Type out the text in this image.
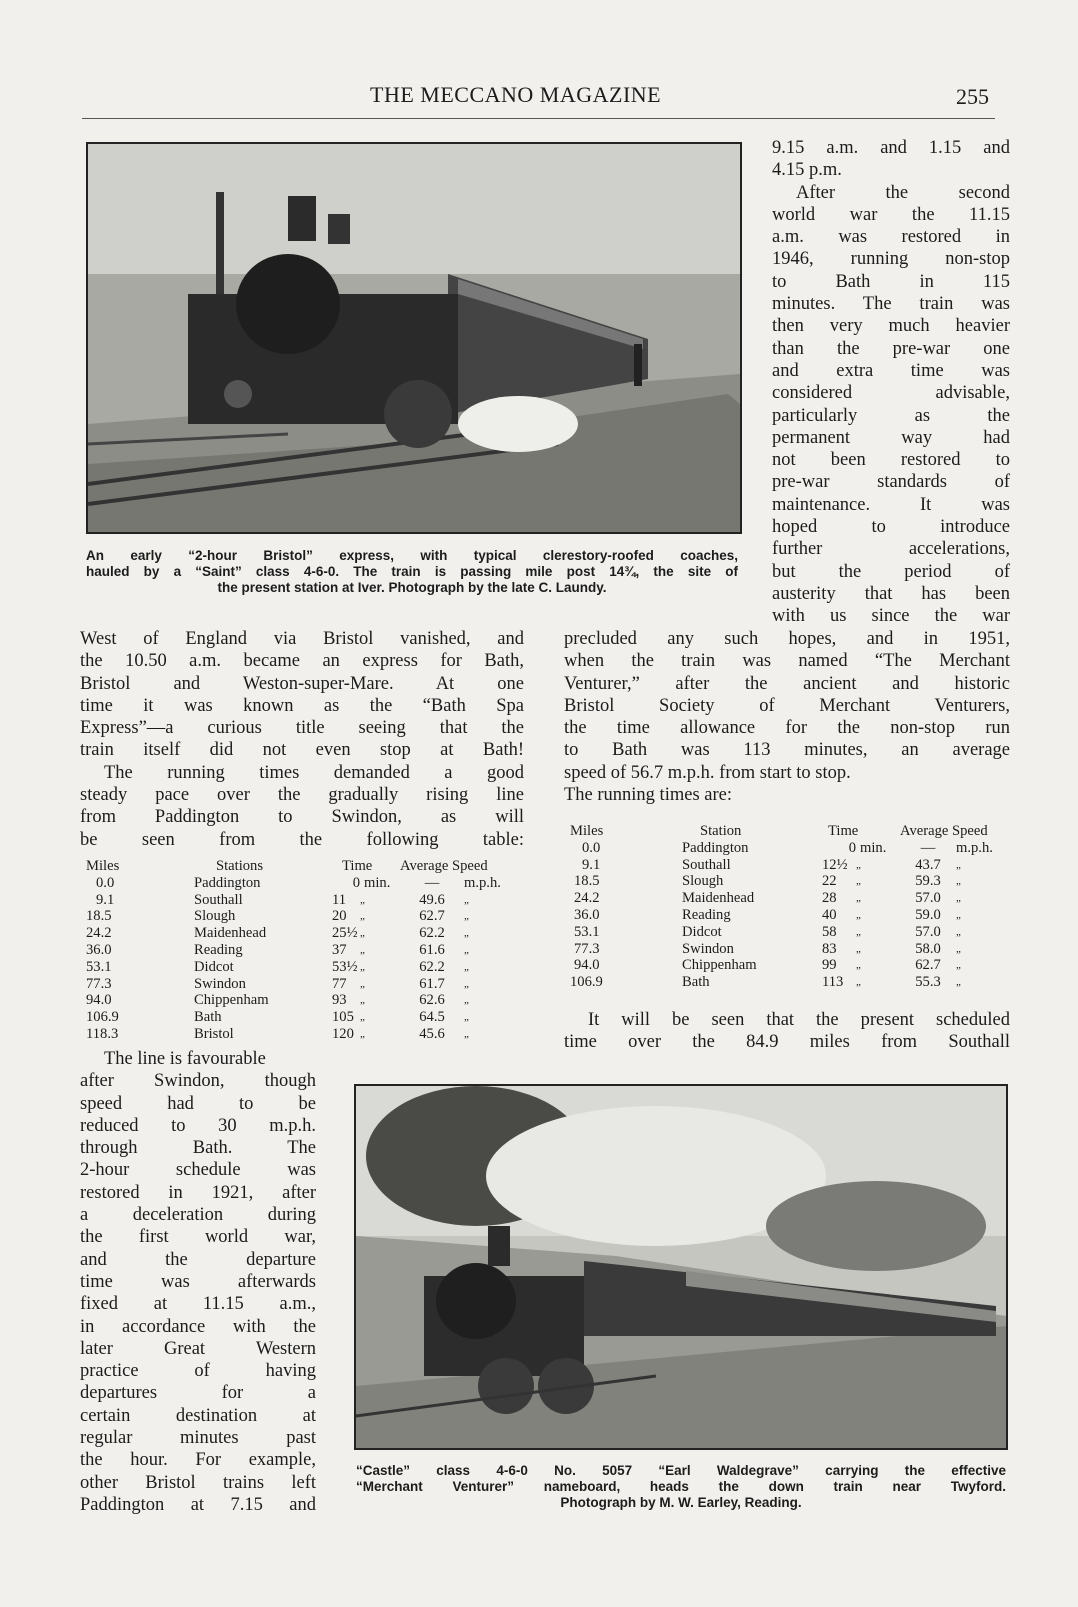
THE MECCANO MAGAZINE	255
An early “2-hour Bristol” express, with typical clerestory-roofed coaches,
hauled by a “Saint” class 4-6-0. The train is passing mile post 14¾, the site of
the present station at Iver. Photograph by the late C. Laundy.
9.15 a.m. and 1.15 and
4.15 p.m.
After the second
world war the 11.15
a.m. was restored in
1946, running non-stop
to Bath in 115
minutes. The train was
then very much heavier
than the pre-war one
and extra time was
considered advisable,
particularly as the
permanent way had
not been restored to
pre-war standards of
maintenance. It was
hoped to introduce
further accelerations,
but the period of
austerity that has been
with us since the war
West of England via Bristol vanished, and
the 10.50 a.m. became an express for Bath,
Bristol and Weston-super-Mare. At one
time it was known as the “Bath Spa
Express”—a curious title seeing that the
train itself did not even stop at Bath!
The running times demanded a good
steady pace over the gradually rising line
from Paddington to Swindon, as will
be seen from the following table:
precluded any such hopes, and in 1951,
when the train was named “The Merchant
Venturer,” after the ancient and historic
Bristol Society of Merchant Venturers,
the time allowance for the non-stop run
to Bath was 113 minutes, an average
speed of 56.7 m.p.h. from start to stop.
The running times are:
Miles	Stations	Time		Average Speed	
0.0	Paddington	0	min.	—	m.p.h.
9.1	Southall	11	„	49.6	„
18.5	Slough	20	„	62.7	„
24.2	Maidenhead	25½	„	62.2	„
36.0	Reading	37	„	61.6	„
53.1	Didcot	53½	„	62.2	„
77.3	Swindon	77	„	61.7	„
94.0	Chippenham	93	„	62.6	„
106.9	Bath	105	„	64.5	„
118.3	Bristol	120	„	45.6	„
Miles	Station	Time		Average Speed	
0.0	Paddington	0	min.	—	m.p.h.
9.1	Southall	12½	„	43.7	„
18.5	Slough	22	„	59.3	„
24.2	Maidenhead	28	„	57.0	„
36.0	Reading	40	„	59.0	„
53.1	Didcot	58	„	57.0	„
77.3	Swindon	83	„	58.0	„
94.0	Chippenham	99	„	62.7	„
106.9	Bath	113	„	55.3	„
It will be seen that the present scheduled
time over the 84.9 miles from Southall
The line is favourable
after Swindon, though
speed had to be
reduced to 30 m.p.h.
through Bath. The
2-hour schedule was
restored in 1921, after
a deceleration during
the first world war,
and the departure
time was afterwards
fixed at 11.15 a.m.,
in accordance with the
later Great Western
practice of having
departures for a
certain destination at
regular minutes past
the hour. For example,
other Bristol trains left
Paddington at 7.15 and
“Castle” class 4-6-0 No. 5057 “Earl Waldegrave” carrying the effective
“Merchant Venturer” nameboard, heads the down train near Twyford.
Photograph by M. W. Earley, Reading.
